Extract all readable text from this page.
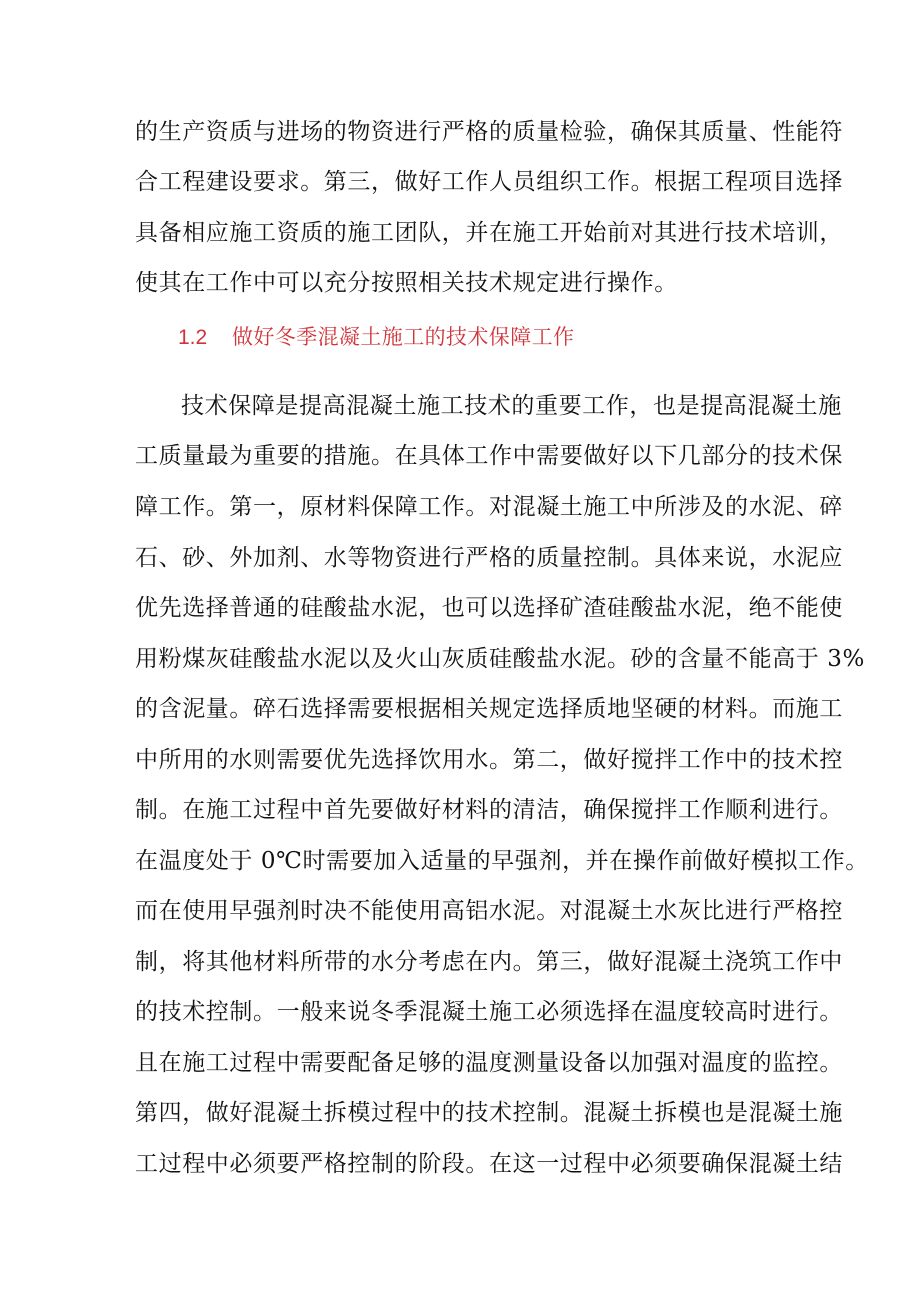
的生产资质与进场的物资进行严格的质量检验，确保其质量、性能符
合工程建设要求。第三，做好工作人员组织工作。根据工程项目选择
具备相应施工资质的施工团队，并在施工开始前对其进行技术培训，
使其在工作中可以充分按照相关技术规定进行操作。
1.2 做好冬季混凝土施工的技术保障工作
技术保障是提高混凝土施工技术的重要工作，也是提高混凝土施
工质量最为重要的措施。在具体工作中需要做好以下几部分的技术保
障工作。第一，原材料保障工作。对混凝土施工中所涉及的水泥、碎
石、砂、外加剂、水等物资进行严格的质量控制。具体来说，水泥应
优先选择普通的硅酸盐水泥，也可以选择矿渣硅酸盐水泥，绝不能使
用粉煤灰硅酸盐水泥以及火山灰质硅酸盐水泥。砂的含量不能高于 3%
的含泥量。碎石选择需要根据相关规定选择质地坚硬的材料。而施工
中所用的水则需要优先选择饮用水。第二，做好搅拌工作中的技术控
制。在施工过程中首先要做好材料的清洁，确保搅拌工作顺利进行。
在温度处于 0℃时需要加入适量的早强剂，并在操作前做好模拟工作。
而在使用早强剂时决不能使用高铝水泥。对混凝土水灰比进行严格控
制，将其他材料所带的水分考虑在内。第三，做好混凝土浇筑工作中
的技术控制。一般来说冬季混凝土施工必须选择在温度较高时进行。
且在施工过程中需要配备足够的温度测量设备以加强对温度的监控。
第四，做好混凝土拆模过程中的技术控制。混凝土拆模也是混凝土施
工过程中必须要严格控制的阶段。在这一过程中必须要确保混凝土结
